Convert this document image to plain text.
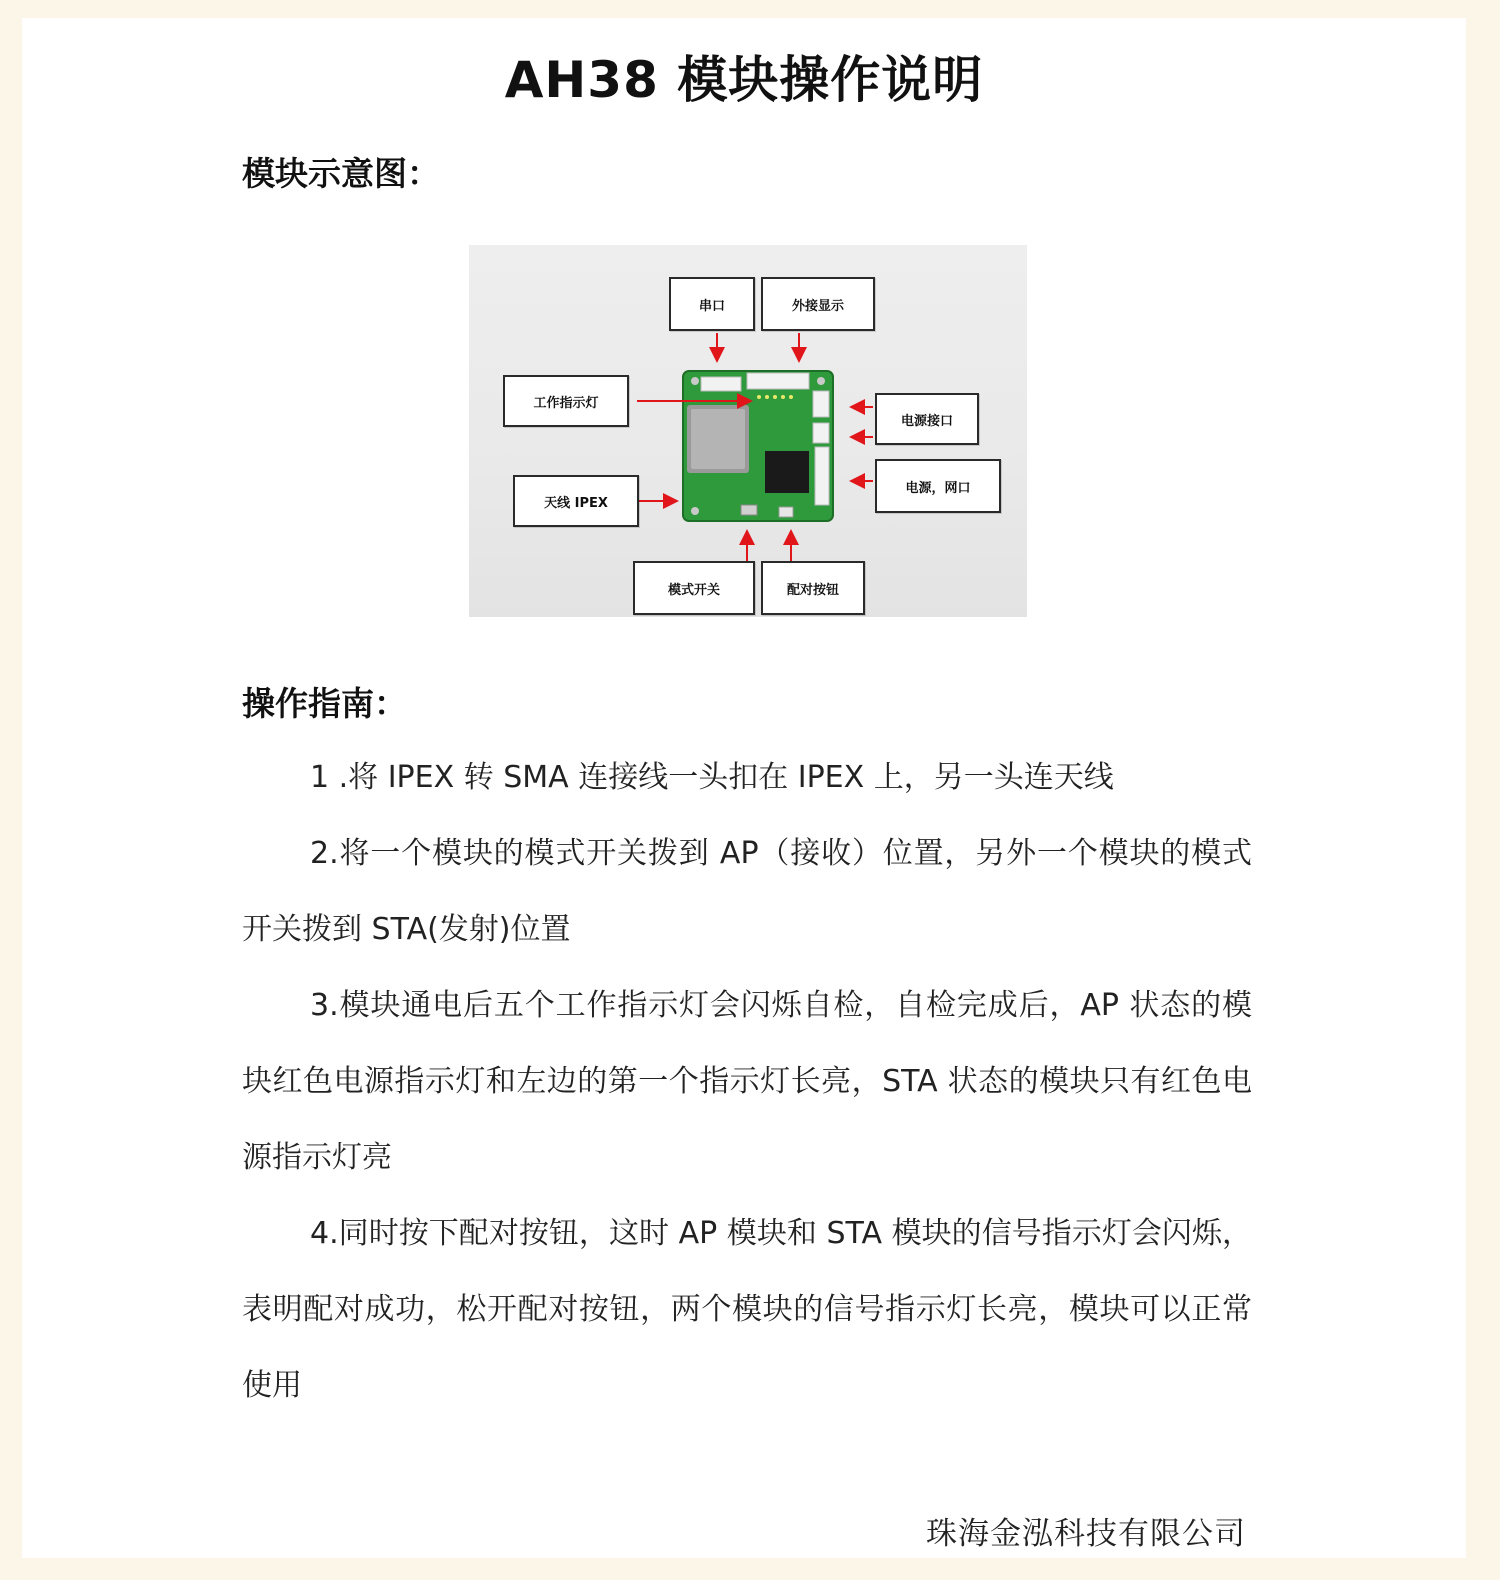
AH38 模块操作说明
模块示意图：
串口	外接显示
工作指示灯
电源接口
天线 IPEX
电源，网口
模式开关	配对按钮
操作指南：

1 .将 IPEX 转 SMA 连接线一头扣在 IPEX 上，另一头连天线

2.将一个模块的模式开关拨到 AP（接收）位置，另外一个模块的模式开关拨到 STA(发射)位置

3.模块通电后五个工作指示灯会闪烁自检，自检完成后，AP 状态的模块红色电源指示灯和左边的第一个指示灯长亮，STA 状态的模块只有红色电源指示灯亮

4.同时按下配对按钮，这时 AP 模块和 STA 模块的信号指示灯会闪烁，表明配对成功，松开配对按钮，两个模块的信号指示灯长亮，模块可以正常使用

珠海金泓科技有限公司
